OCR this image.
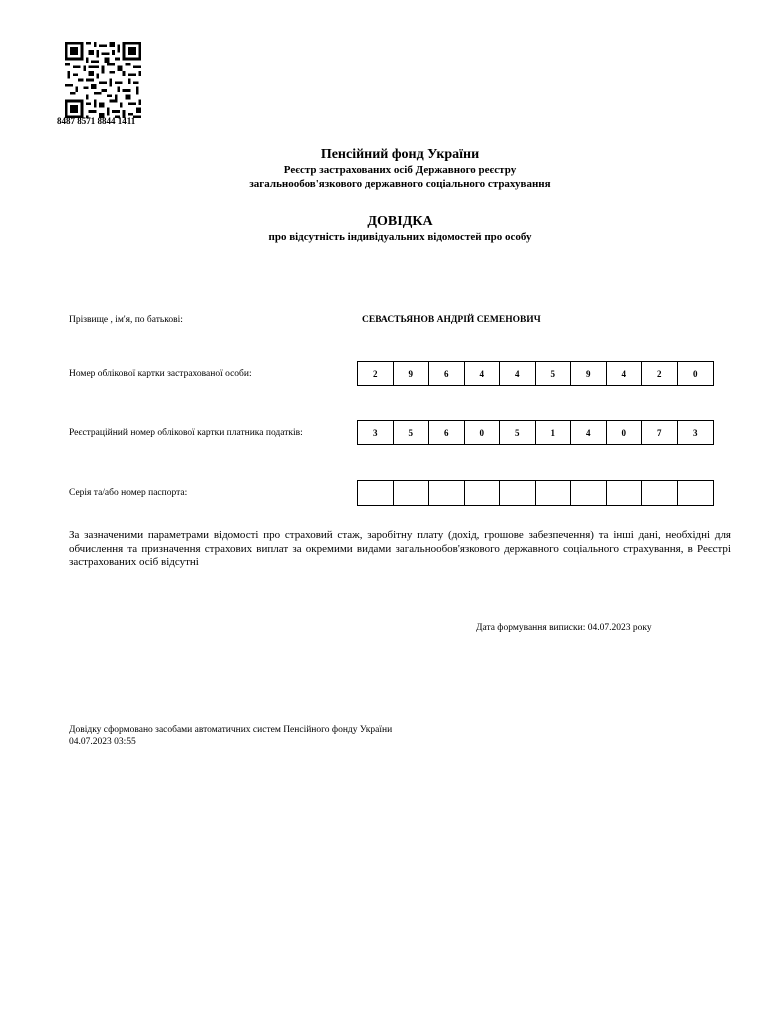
8487 8571 8844 1411
Пенсійний фонд України
Реєстр застрахованих осіб Державного реєстру
загальнообов'язкового державного соціального страхування
ДОВІДКА
про відсутність індивідуальних відомостей про особу
Прізвище , ім'я, по батькові:	СЕВАСТЬЯНОВ АНДРІЙ СЕМЕНОВИЧ
Номер облікової картки застрахованої особи:	2	9	6	4	4	5	9	4	2	0
Реєстраційний номер облікової картки платника податків:	3	5	6	0	5	1	4	0	7	3
Серія та/або номер паспорта:
За зазначеними параметрами відомості про страховий стаж, заробітну плату (дохід, грошове забезпечення) та інші дані, необхідні для обчислення та призначення страхових виплат за окремими видами загальнообов'язкового державного соціального страхування, в Реєстрі застрахованих осіб відсутні
Дата формування виписки: 04.07.2023 року
Довідку сформовано засобами автоматичних систем Пенсійного фонду України
04.07.2023 03:55
